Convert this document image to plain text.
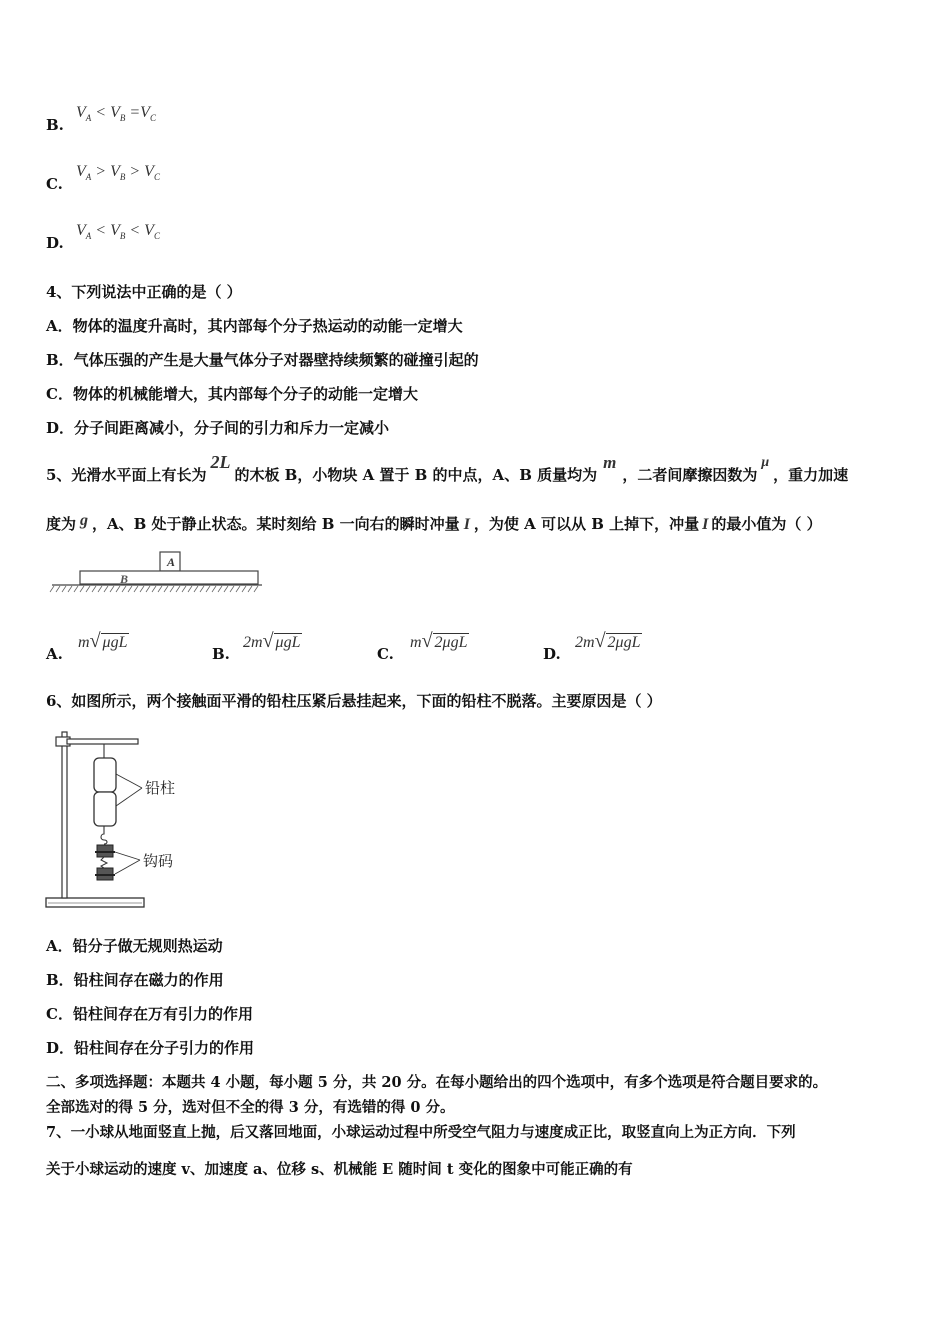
B.
$V_A < V_B =V_C$
C.
$V_A > V_B > V_C$
D.
$V_A < V_B < V_C$
4、下列说法中正确的是（ ）
A．物体的温度升高时，其内部每个分子热运动的动能一定增大
B．气体压强的产生是大量气体分子对器壁持续频繁的碰撞引起的
C．物体的机械能增大，其内部每个分子的动能一定增大
D．分子间距离减小，分子间的引力和斥力一定减小
5、光滑水平面上有长为2L的木板 B，小物块 A 置于 B 的中点，A、B 质量均为m，二者间摩擦因数为μ，重力加速
度为 g ，A、B 处于静止状态。某时刻给 B 一向右的瞬时冲量 I ，为使 A 可以从 B 上掉下，冲量 I 的最小值为（ ）
A
B
A.
m√ μgL
B.
2m√ μgL
C.
m√ 2μgL
D.
2m√ 2μgL
6、如图所示，两个接触面平滑的铅柱压紧后悬挂起来，下面的铅柱不脱落。主要原因是（ ）
铅柱
钩码
A．铅分子做无规则热运动
B．铅柱间存在磁力的作用
C．铅柱间存在万有引力的作用
D．铅柱间存在分子引力的作用
二、多项选择题：本题共 4 小题，每小题 5 分，共 20 分。在每小题给出的四个选项中，有多个选项是符合题目要求的。
全部选对的得 5 分，选对但不全的得 3 分，有选错的得 0 分。
7、一小球从地面竖直上抛，后又落回地面，小球运动过程中所受空气阻力与速度成正比，取竖直向上为正方向．下列
关于小球运动的速度 v、加速度 a、位移 s、机械能 E 随时间 t 变化的图象中可能正确的有
